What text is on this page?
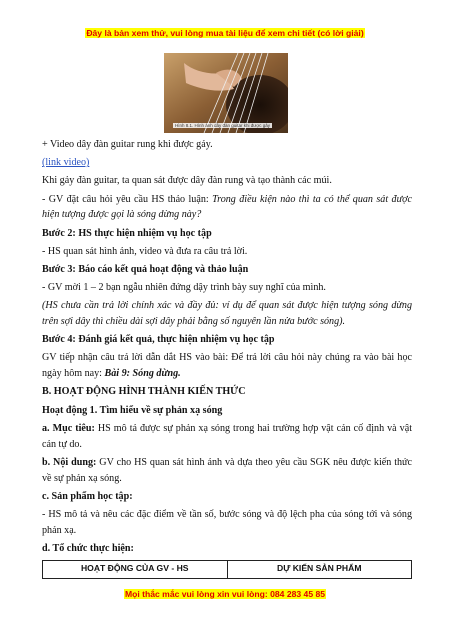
Đây là bản xem thử, vui lòng mua tài liệu để xem chi tiết (có lời giải)
Hình 8.1. Hình ảnh dây đàn guitar khi được gảy

+ Video dây đàn guitar rung khi được gảy.

(link video)

Khi gảy đàn guitar, ta quan sát được dây đàn rung và tạo thành các múi.

- GV đặt câu hỏi yêu cầu HS thảo luận: Trong điều kiện nào thì ta có thể quan sát được hiện tượng được gọi là sóng dừng này?

Bước 2: HS thực hiện nhiệm vụ học tập

- HS quan sát hình ảnh, video và đưa ra câu trả lời.

Bước 3: Báo cáo kết quả hoạt động và thảo luận

- GV mời 1 – 2 bạn ngẫu nhiên đứng dậy trình bày suy nghĩ của mình.

(HS chưa cần trả lời chính xác và đầy đủ: ví dụ để quan sát được hiện tượng sóng dừng trên sợi dây thì chiều dài sợi dây phải bằng số nguyên lần nửa bước sóng).

Bước 4: Đánh giá kết quả, thực hiện nhiệm vụ học tập

GV tiếp nhận câu trả lời dẫn dắt HS vào bài: Để trả lời câu hỏi này chúng ra vào bài học ngày hôm nay: Bài 9: Sóng dừng.

B. HOẠT ĐỘNG HÌNH THÀNH KIẾN THỨC

Hoạt động 1. Tìm hiểu về sự phản xạ sóng

a. Mục tiêu: HS mô tả được sự phản xạ sóng trong hai trường hợp vật cản cố định và vật cản tự do.

b. Nội dung: GV cho HS quan sát hình ảnh và dựa theo yêu cầu SGK nêu được kiến thức về sự phản xạ sóng.

c. Sản phẩm học tập:

- HS mô tả và nêu các đặc điểm về tần số, bước sóng và độ lệch pha của sóng tới và sóng phản xạ.

d. Tổ chức thực hiện:

HOẠT ĐỘNG CỦA GV - HS	DỰ KIẾN SẢN PHẨM
Mọi thắc mắc vui lòng xin vui lòng: 084 283 45 85
